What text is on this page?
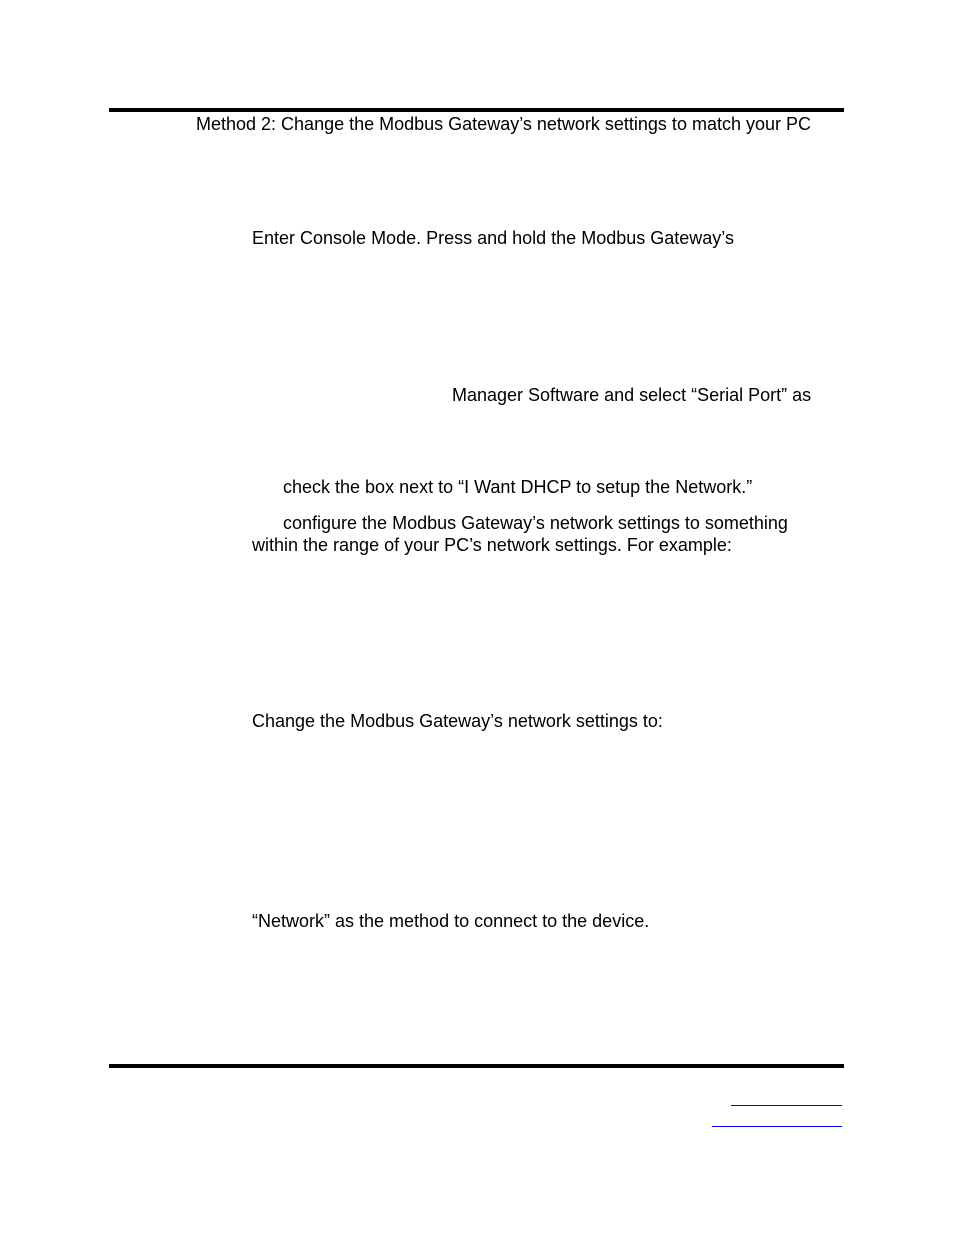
Method 2: Change the Modbus Gateway’s network settings to match your PC

Enter Console Mode. Press and hold the Modbus Gateway’s

Manager Software and select “Serial Port” as

check the box next to “I Want DHCP to setup the Network.”

configure the Modbus Gateway’s network settings to something

within the range of your PC’s network settings. For example:

Change the Modbus Gateway’s network settings to:

“Network” as the method to connect to the device.
